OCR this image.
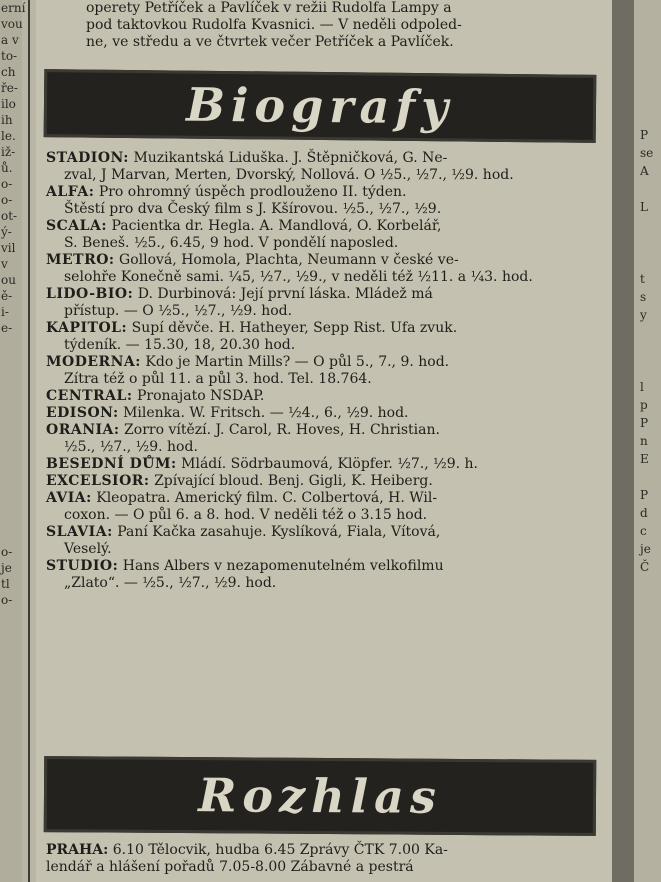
erní
vou
a v
to-
ch
ře-
ilo
ih
le.
iž-
ů.
o-
o-
ot-
ý-
vil
v
ou
ě-
i-
e-

o-
je
tl
o-
operety Petříček a Pavlíček v režii Rudolfa Lampy a
pod taktovkou Rudolfa Kvasnici. — V neděli odpoled-
ne, ve středu a ve čtvrtek večer Petříček a Pavlíček.
Biografy

STADION: Muzikantská Liduška. J. Štěpničková, G. Ne-
zval, J Marvan, Merten, Dvorský, Nollová. O ½5., ½7., ½9. hod.

ALFA: Pro ohromný úspěch prodlouženo II. týden.
Štěstí pro dva Český film s J. Kšírovou. ½5., ½7., ½9.

SCALA: Pacientka dr. Hegla. A. Mandlová, O. Korbelář,
S. Beneš. ½5., 6.45, 9 hod. V pondělí naposled.

METRO: Gollová, Homola, Plachta, Neumann v české ve-
selohře Konečně sami. ¼5, ½7., ½9., v neděli též ½11. a ¼3. hod.

LIDO-BIO: D. Durbinová: Její první láska. Mládež má
přístup. — O ½5., ½7., ½9. hod.

KAPITOL: Supí děvče. H. Hatheyer, Sepp Rist. Ufa zvuk.
týdeník. — 15.30, 18, 20.30 hod.

MODERNA: Kdo je Martin Mills? — O půl 5., 7., 9. hod.
Zítra též o půl 11. a půl 3. hod. Tel. 18.764.

CENTRAL: Pronajato NSDAP.

EDISON: Milenka. W. Fritsch. — ½4., 6., ½9. hod.

ORANIA: Zorro vítězí. J. Carol, R. Hoves, H. Christian.
½5., ½7., ½9. hod.

BESEDNÍ DŮM: Mládí. Södrbaumová, Klöpfer. ½7., ½9. h.

EXCELSIOR: Zpívající bloud. Benj. Gigli, K. Heiberg.

AVIA: Kleopatra. Americký film. C. Colbertová, H. Wil-
coxon. — O půl 6. a 8. hod. V neděli též o 3.15 hod.

SLAVIA: Paní Kačka zasahuje. Kyslíková, Fiala, Vítová,
Veselý.

STUDIO: Hans Albers v nezapomenutelném velkofilmu
„Zlato“. — ½5., ½7., ½9. hod.

Rozhlas
PRAHA: 6.10 Tělocvik, hudba 6.45 Zprávy ČTK 7.00 Ka-
lendář a hlášení pořadů 7.05-8.00 Zábavné a pestrá

P
se
A

L

t
s
y

l
p
P
n
E

P
d
c
je
Č
